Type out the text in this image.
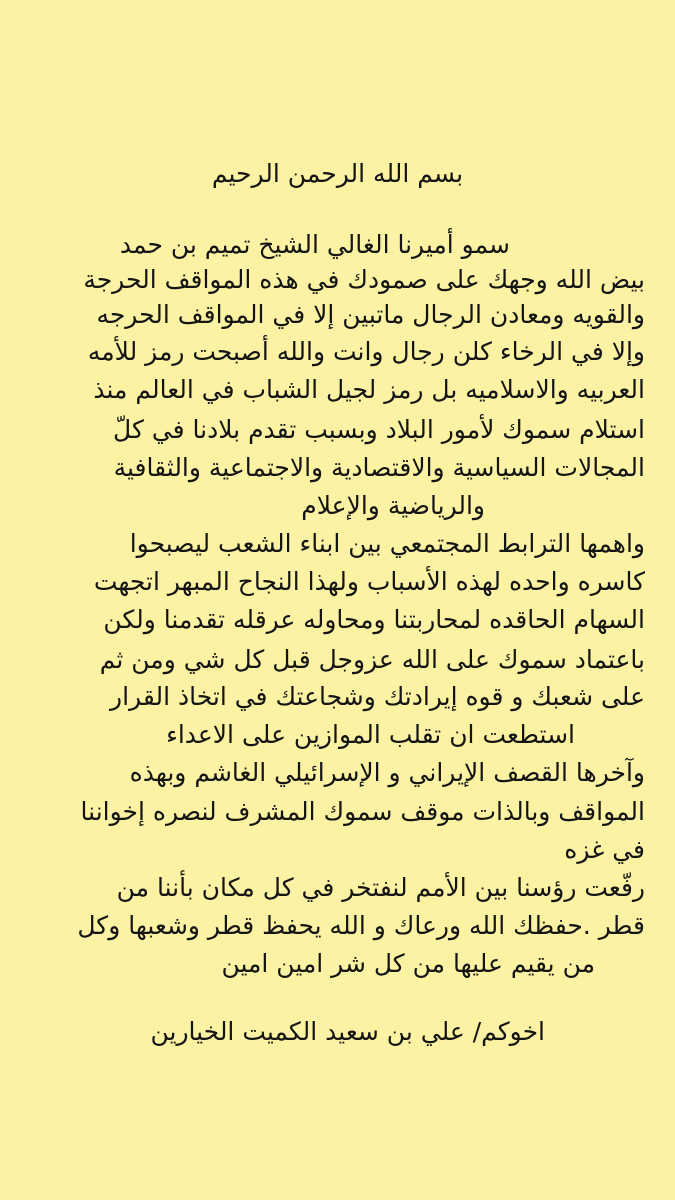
بسم الله الرحمن الرحيم
سمو أميرنا الغالي الشيخ تميم بن حمد
بيض الله وجهك على صمودك في هذه المواقف الحرجة
والقويه ومعادن الرجال ماتبين إلا في المواقف الحرجه
وإلا في الرخاء كلن رجال وانت والله أصبحت رمز للأمه
العربيه والاسلاميه بل رمز لجيل الشباب في العالم منذ
استلام سموك لأمور البلاد وبسبب تقدم بلادنا في كلّ
المجالات السياسية والاقتصادية والاجتماعية والثقافية
والرياضية والإعلام
واهمها الترابط المجتمعي بين ابناء الشعب ليصبحوا
كاسره واحده لهذه الأسباب ولهذا النجاح المبهر اتجهت
السهام الحاقده لمحاربتنا ومحاوله عرقله تقدمنا ولكن
باعتماد سموك على الله عزوجل قبل كل شي ومن ثم
على شعبك و قوه إيرادتك وشجاعتك في اتخاذ القرار
استطعت ان تقلب الموازين على الاعداء
وآخرها القصف الإيراني و الإسرائيلي الغاشم وبهذه
المواقف وبالذات موقف سموك المشرف لنصره إخواننا
في غزه
رفّعت رؤسنا بين الأمم لنفتخر في كل مكان بأننا من
قطر .حفظك الله ورعاك و الله يحفظ قطر وشعبها وكل
من يقيم عليها من كل شر امين امين
اخوكم/ علي بن سعيد الكميت الخيارين
